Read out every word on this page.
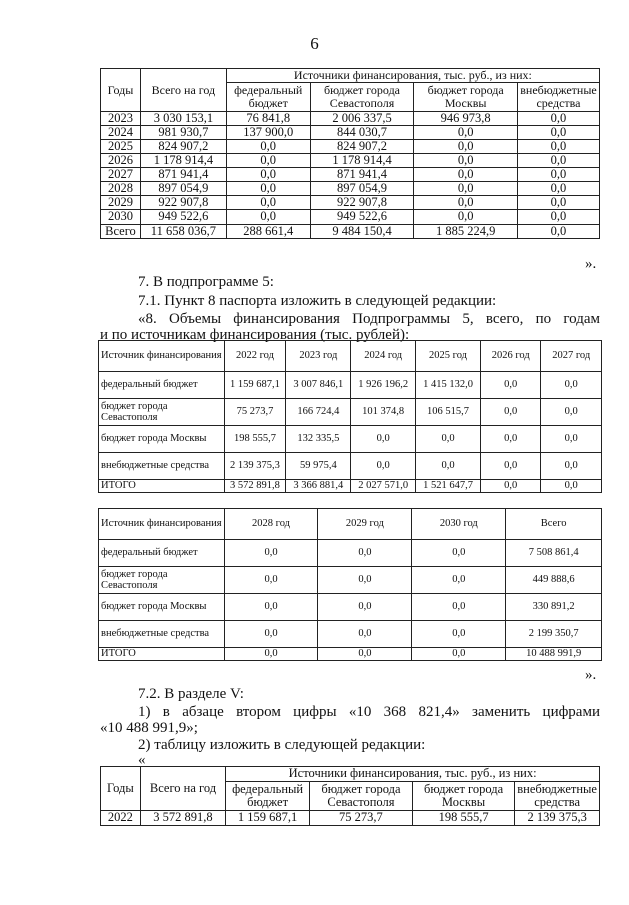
6
Годы	Всего на год	Источники финансирования, тыс. руб., из них:			
		федеральный бюджет	бюджет города Севастополя	бюджет города Москвы	внебюджетные средства
2023	3 030 153,1	76 841,8	2 006 337,5	946 973,8	0,0
2024	981 930,7	137 900,0	844 030,7	0,0	0,0
2025	824 907,2	0,0	824 907,2	0,0	0,0
2026	1 178 914,4	0,0	1 178 914,4	0,0	0,0
2027	871 941,4	0,0	871 941,4	0,0	0,0
2028	897 054,9	0,0	897 054,9	0,0	0,0
2029	922 907,8	0,0	922 907,8	0,0	0,0
2030	949 522,6	0,0	949 522,6	0,0	0,0
Всего	11 658 036,7	288 661,4	9 484 150,4	1 885 224,9	0,0
».
7. В подпрограмме 5:
7.1. Пункт 8 паспорта изложить в следующей редакции:
«8. Объемы финансирования Подпрограммы 5, всего, по годам
и по источникам финансирования (тыс. рублей):
Источник финансирования	2022 год	2023 год	2024 год	2025 год	2026 год	2027 год
федеральный бюджет	1 159 687,1	3 007 846,1	1 926 196,2	1 415 132,0	0,0	0,0
бюджет города Севастополя	75 273,7	166 724,4	101 374,8	106 515,7	0,0	0,0
бюджет города Москвы	198 555,7	132 335,5	0,0	0,0	0,0	0,0
внебюджетные средства	2 139 375,3	59 975,4	0,0	0,0	0,0	0,0
ИТОГО	3 572 891,8	3 366 881,4	2 027 571,0	1 521 647,7	0,0	0,0
Источник финансирования	2028 год	2029 год	2030 год	Всего
федеральный бюджет	0,0	0,0	0,0	7 508 861,4
бюджет города Севастополя	0,0	0,0	0,0	449 888,6
бюджет города Москвы	0,0	0,0	0,0	330 891,2
внебюджетные средства	0,0	0,0	0,0	2 199 350,7
ИТОГО	0,0	0,0	0,0	10 488 991,9
».
7.2. В разделе V:
1) в абзаце втором цифры «10 368 821,4» заменить цифрами
«10 488 991,9»;
2) таблицу изложить в следующей редакции:
«
Годы	Всего на год	Источники финансирования, тыс. руб., из них:			
		федеральный бюджет	бюджет города Севастополя	бюджет города Москвы	внебюджетные средства
2022	3 572 891,8	1 159 687,1	75 273,7	198 555,7	2 139 375,3
